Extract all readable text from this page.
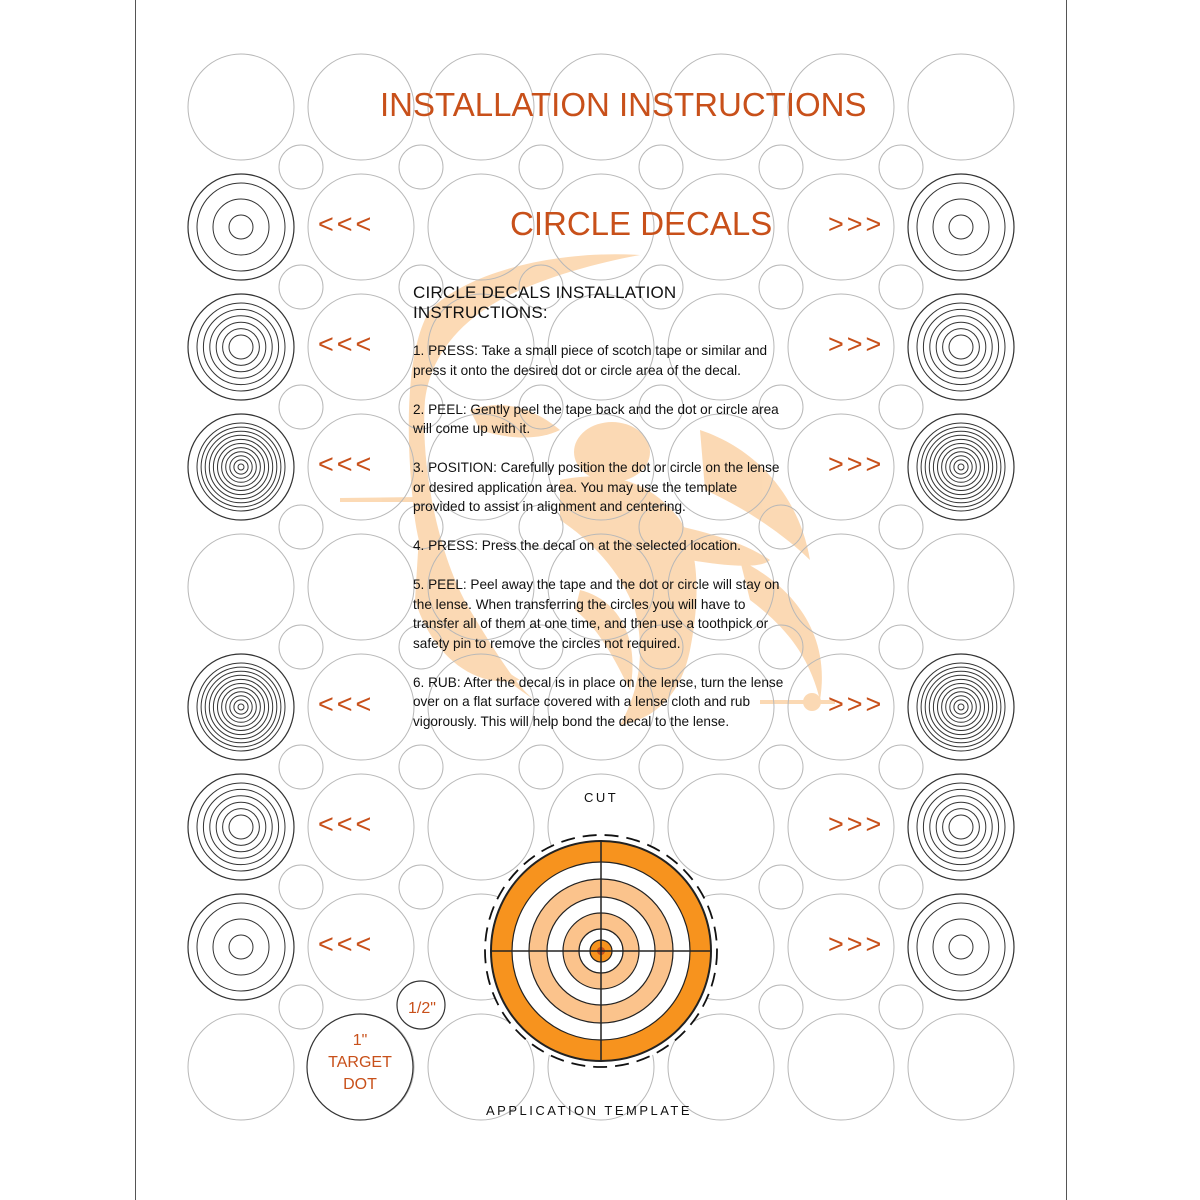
INSTALLATION INSTRUCTIONS
CIRCLE DECALS
<<<	>>>
<<<	>>>
<<<	>>>
<<<	>>>
<<<	>>>
<<<	>>>
CIRCLE DECALS INSTALLATION INSTRUCTIONS:

1. PRESS: Take a small piece of scotch tape or similar and press it onto the desired dot or circle area of the decal.

2. PEEL: Gently peel the tape back and the dot or circle area will come up with it.

3. POSITION: Carefully position the dot or circle on the lense or desired application area. You may use the template provided to assist in alignment and centering.

4. PRESS: Press the decal on at the selected location.

5. PEEL: Peel away the tape and the dot or circle will stay on the lense. When transferring the circles you will have to transfer all of them at one time, and then use a toothpick or safety pin to remove the circles not required.

6. RUB: After the decal is in place on the lense, turn the lense over on a flat surface covered with a lense cloth and rub vigorously. This will help bond the decal to the lense.

CUT
APPLICATION TEMPLATE
1/2"
1"
TARGET
DOT
